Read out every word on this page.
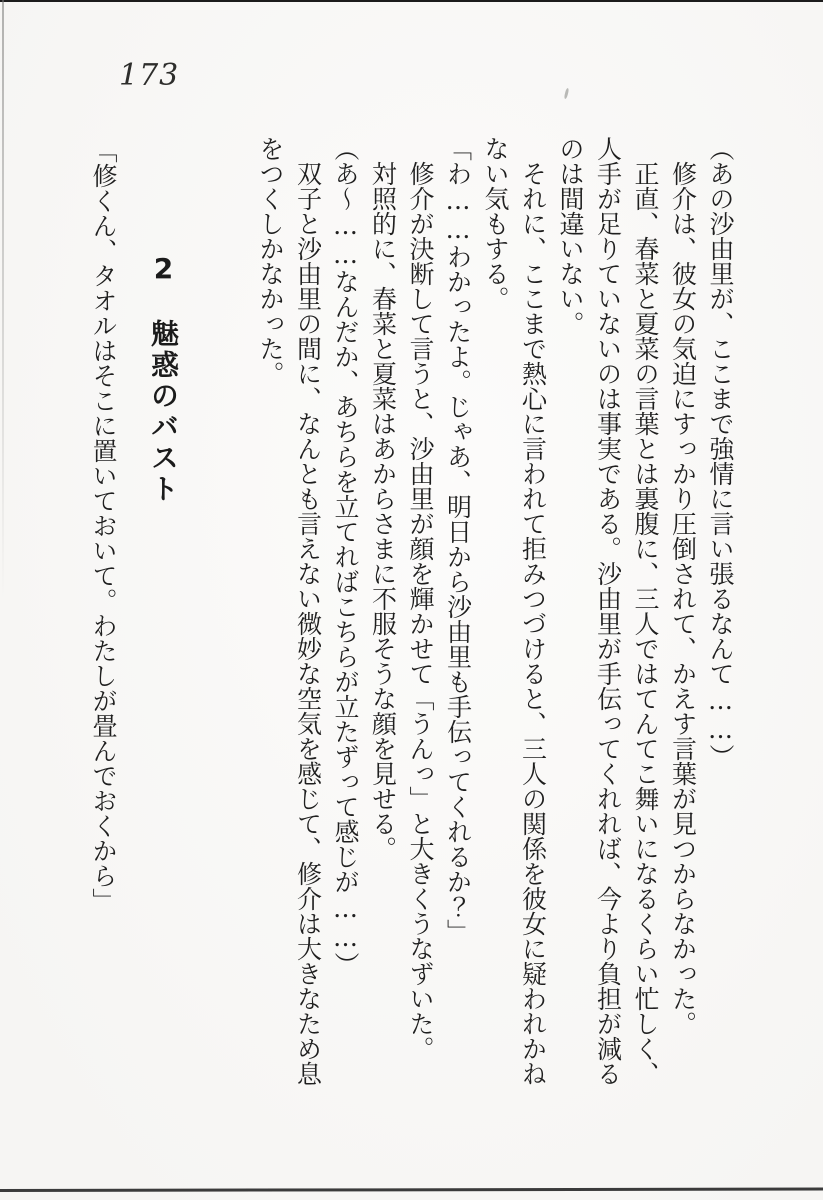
173

（あの沙由里が、ここまで強情に言い張るなんて……）

　修介は、彼女の気迫にすっかり圧倒されて、かえす言葉が見つからなかった。

　正直、春菜と夏菜の言葉とは裏腹に、三人ではてんてこ舞いになるくらい忙しく、

人手が足りていないのは事実である。沙由里が手伝ってくれれば、今より負担が減る

のは間違いない。

　それに、ここまで熱心に言われて拒みつづけると、三人の関係を彼女に疑われかね

ない気もする。

「わ……わかったよ。じゃあ、明日から沙由里も手伝ってくれるか？」

　修介が決断して言うと、沙由里が顔を輝かせて「うんっ」と大きくうなずいた。

　対照的に、春菜と夏菜はあからさまに不服そうな顔を見せる。

（あ〜……なんだか、あちらを立てればこちらが立たずって感じが……）

　双子と沙由里の間に、なんとも言えない微妙な空気を感じて、修介は大きなため息

をつくしかなかった。

2　魅惑のバスト
「修くん、タオルはそこに置いておいて。わたしが畳んでおくから」
